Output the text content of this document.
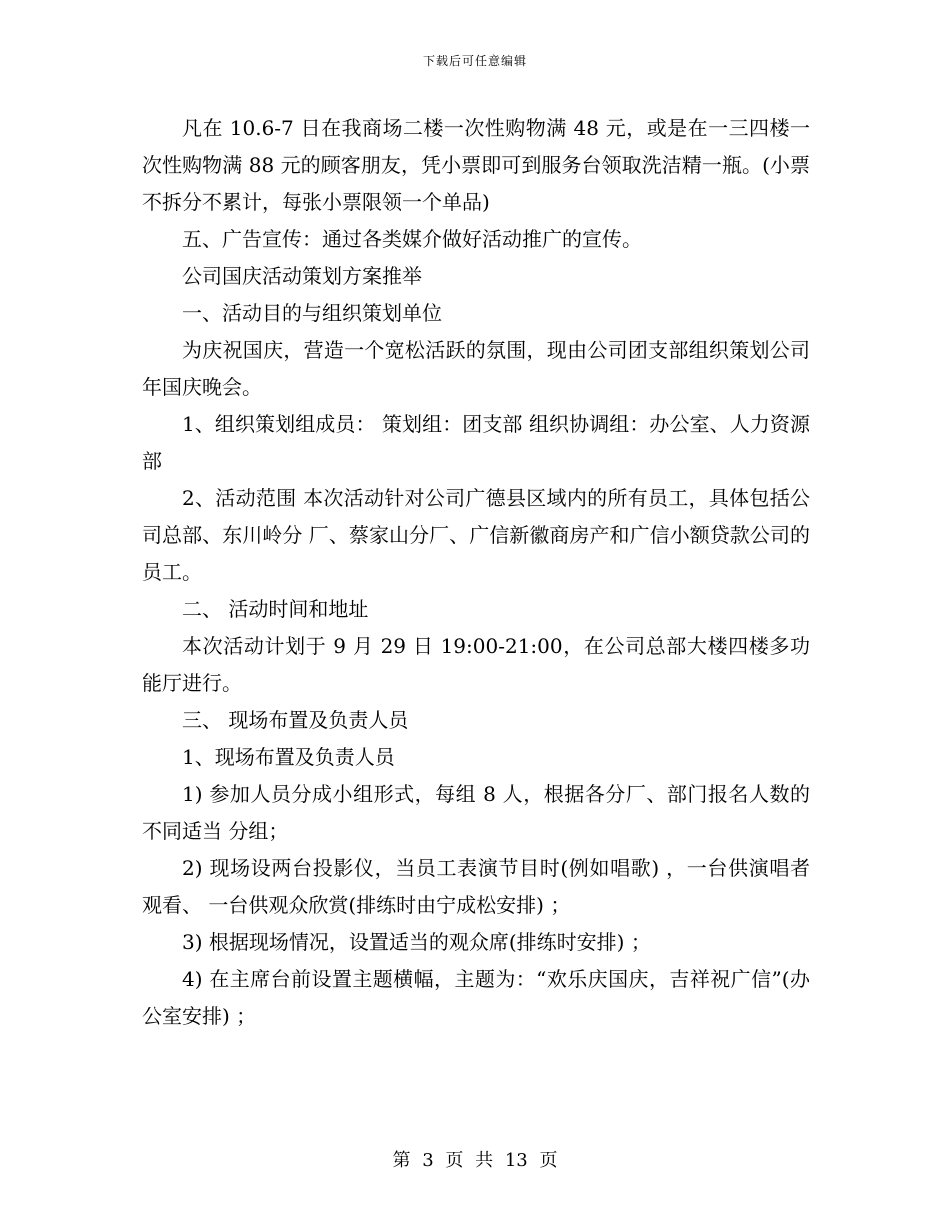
下载后可任意编辑

凡在 10.6-7 日在我商场二楼一次性购物满 48 元，或是在一三四楼一次性购物满 88 元的顾客朋友，凭小票即可到服务台领取洗洁精一瓶。(小票不拆分不累计，每张小票限领一个单品)

五、广告宣传：通过各类媒介做好活动推广的宣传。

公司国庆活动策划方案推举

一、活动目的与组织策划单位

为庆祝国庆，营造一个宽松活跃的氛围，现由公司团支部组织策划公司 年国庆晚会。

1、组织策划组成员： 策划组：团支部 组织协调组：办公室、人力资源部

2、活动范围 本次活动针对公司广德县区域内的所有员工，具体包括公司总部、东川岭分 厂、蔡家山分厂、广信新徽商房产和广信小额贷款公司的员工。

二、 活动时间和地址

本次活动计划于 9 月 29 日 19:00-21:00，在公司总部大楼四楼多功能厅进行。

三、 现场布置及负责人员

1、现场布置及负责人员

1) 参加人员分成小组形式，每组 8 人，根据各分厂、部门报名人数的不同适当 分组；

2) 现场设两台投影仪，当员工表演节目时(例如唱歌) ，一台供演唱者观看、 一台供观众欣赏(排练时由宁成松安排) ；

3) 根据现场情况，设置适当的观众席(排练时安排) ；

4) 在主席台前设置主题横幅，主题为：“欢乐庆国庆，吉祥祝广信”(办公室安排) ；

第 3 页 共 13 页
